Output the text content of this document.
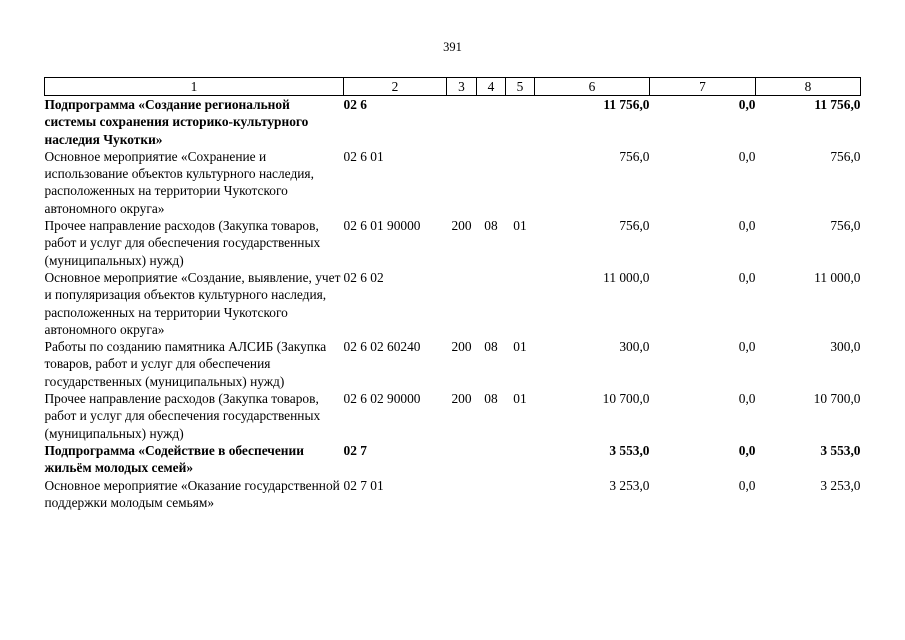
391
1	2	3	4	5	6	7	8
Подпрограмма «Создание региональной системы сохранения историко-культурного наследия Чукотки»	02 6				11 756,0	0,0	11 756,0
Основное мероприятие «Сохранение и использование объектов культурного наследия, расположенных на территории Чукотского автономного округа»	02 6 01				756,0	0,0	756,0
Прочее направление расходов (Закупка товаров, работ и услуг для обеспечения государственных (муниципальных) нужд)	02 6 01 90000	200	08	01	756,0	0,0	756,0
Основное мероприятие «Создание, выявление, учет и популяризация объектов культурного наследия, расположенных на территории Чукотского автономного округа»	02 6 02				11 000,0	0,0	11 000,0
Работы по созданию памятника АЛСИБ (Закупка товаров, работ и услуг для обеспечения государственных (муниципальных) нужд)	02 6 02 60240	200	08	01	300,0	0,0	300,0
Прочее направление расходов (Закупка товаров, работ и услуг для обеспечения государственных (муниципальных) нужд)	02 6 02 90000	200	08	01	10 700,0	0,0	10 700,0
Подпрограмма «Содействие в обеспечении жильём молодых семей»	02 7				3 553,0	0,0	3 553,0
Основное мероприятие «Оказание государственной поддержки молодым семьям»	02 7 01				3 253,0	0,0	3 253,0
